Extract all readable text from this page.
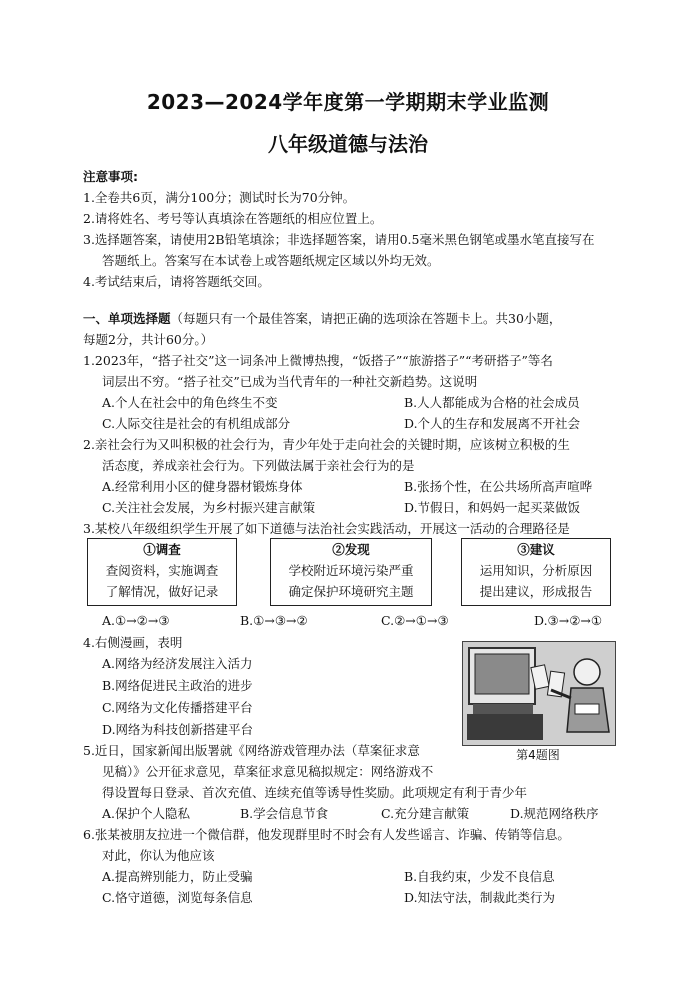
2023—2024学年度第一学期期末学业监测
八年级道德与法治
注意事项:
1.全卷共6页，满分100分；测试时长为70分钟。
2.请将姓名、考号等认真填涂在答题纸的相应位置上。
3.选择题答案，请使用2B铅笔填涂；非选择题答案，请用0.5毫米黑色钢笔或墨水笔直接写在
答题纸上。答案写在本试卷上或答题纸规定区域以外均无效。
4.考试结束后，请将答题纸交回。
一、单项选择题（每题只有一个最佳答案，请把正确的选项涂在答题卡上。共30小题，
每题2分，共计60分。）
1.2023年，“搭子社交”这一词条冲上微博热搜，“饭搭子”“旅游搭子”“考研搭子”等名
词层出不穷。“搭子社交”已成为当代青年的一种社交新趋势。这说明
A.个人在社会中的角色终生不变	B.人人都能成为合格的社会成员
C.人际交往是社会的有机组成部分	D.个人的生存和发展离不开社会
2.亲社会行为又叫积极的社会行为，青少年处于走向社会的关键时期，应该树立积极的生
活态度，养成亲社会行为。下列做法属于亲社会行为的是
A.经常利用小区的健身器材锻炼身体	B.张扬个性，在公共场所高声喧哗
C.关注社会发展，为乡村振兴建言献策	D.节假日，和妈妈一起买菜做饭
3.某校八年级组织学生开展了如下道德与法治社会实践活动，开展这一活动的合理路径是
①调查
查阅资料，实施调查
了解情况，做好记录
②发现
学校附近环境污染严重
确定保护环境研究主题
③建议
运用知识，分析原因
提出建议，形成报告
A.①→②→③	B.①→③→②	C.②→①→③	D.③→②→①
4.右侧漫画，表明
A.网络为经济发展注入活力
B.网络促进民主政治的进步
C.网络为文化传播搭建平台
D.网络为科技创新搭建平台
第4题图
5.近日，国家新闻出版署就《网络游戏管理办法（草案征求意
见稿）》公开征求意见，草案征求意见稿拟规定：网络游戏不
得设置每日登录、首次充值、连续充值等诱导性奖励。此项规定有利于青少年
A.保护个人隐私	B.学会信息节食	C.充分建言献策	D.规范网络秩序
6.张某被朋友拉进一个微信群，他发现群里时不时会有人发些谣言、诈骗、传销等信息。
对此，你认为他应该
A.提高辨别能力，防止受骗	B.自我约束，少发不良信息
C.恪守道德，浏览每条信息	D.知法守法，制裁此类行为
